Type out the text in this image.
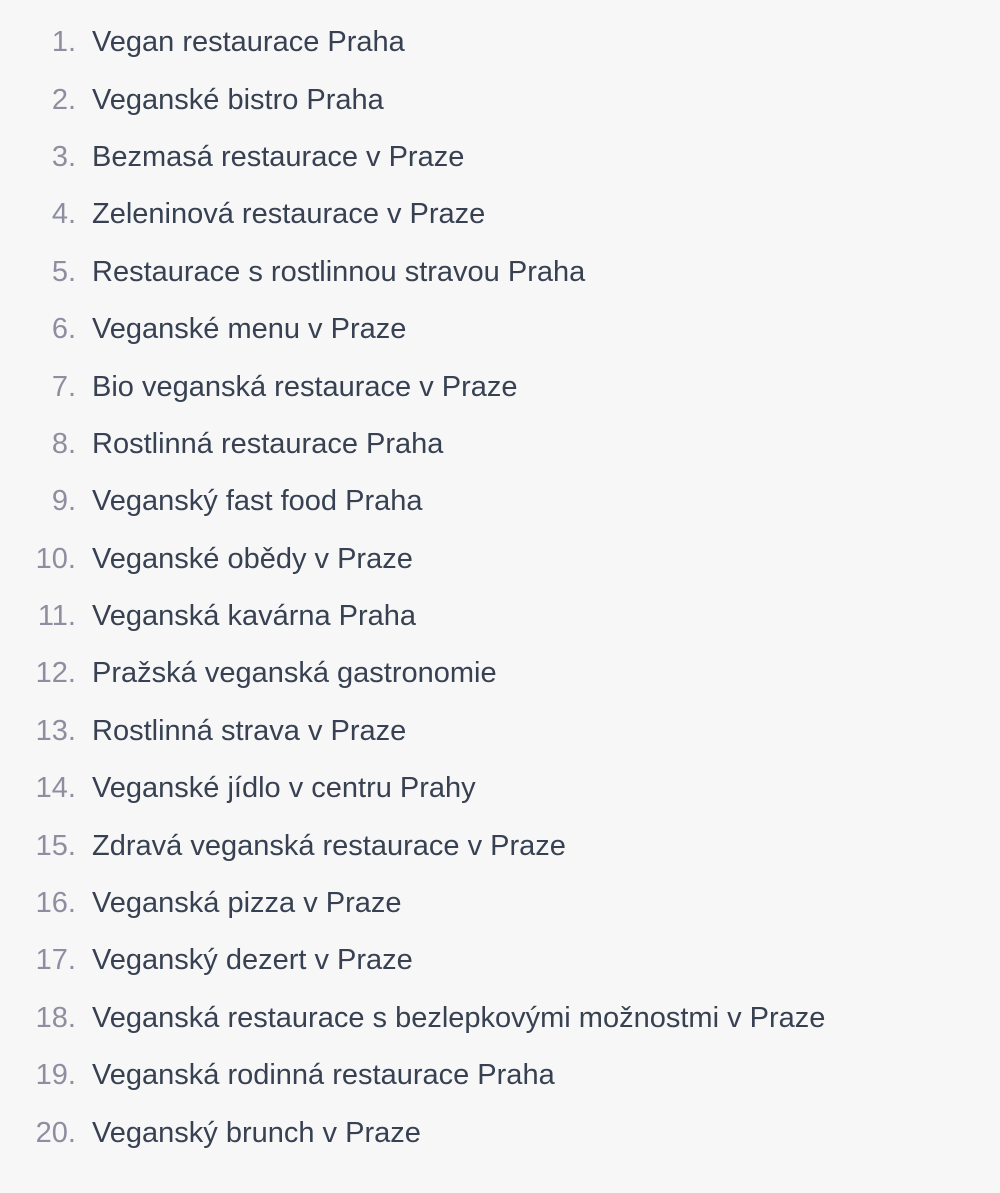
1. Vegan restaurace Praha
2. Veganské bistro Praha
3. Bezmasá restaurace v Praze
4. Zeleninová restaurace v Praze
5. Restaurace s rostlinnou stravou Praha
6. Veganské menu v Praze
7. Bio veganská restaurace v Praze
8. Rostlinná restaurace Praha
9. Veganský fast food Praha
10. Veganské obědy v Praze
11. Veganská kavárna Praha
12. Pražská veganská gastronomie
13. Rostlinná strava v Praze
14. Veganské jídlo v centru Prahy
15. Zdravá veganská restaurace v Praze
16. Veganská pizza v Praze
17. Veganský dezert v Praze
18. Veganská restaurace s bezlepkovými možnostmi v Praze
19. Veganská rodinná restaurace Praha
20. Veganský brunch v Praze
